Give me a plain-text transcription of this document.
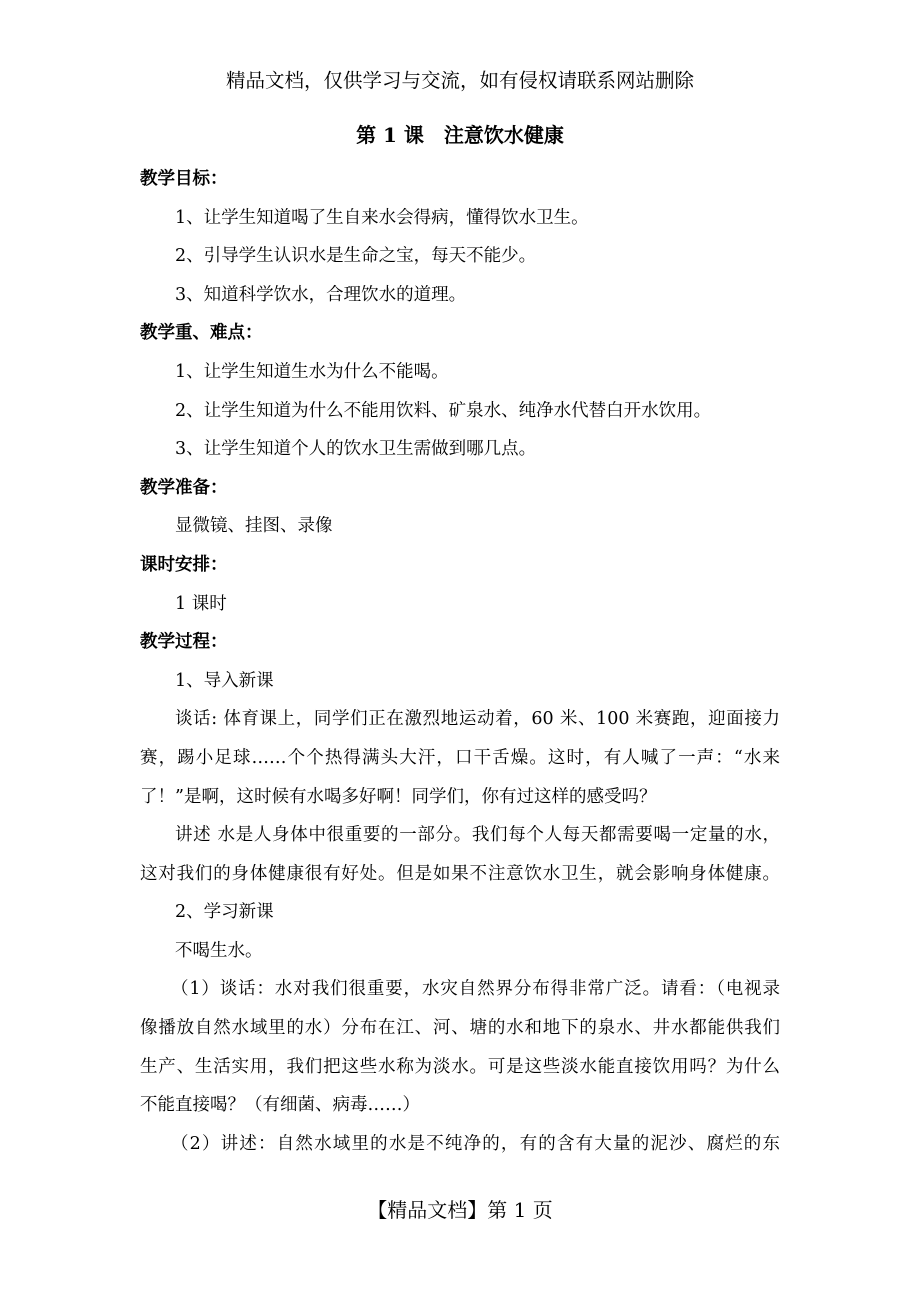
精品文档，仅供学习与交流，如有侵权请联系网站删除
第 1 课　注意饮水健康
教学目标：
1、让学生知道喝了生自来水会得病，懂得饮水卫生。
2、引导学生认识水是生命之宝，每天不能少。
3、知道科学饮水，合理饮水的道理。
教学重、难点：
1、让学生知道生水为什么不能喝。
2、让学生知道为什么不能用饮料、矿泉水、纯净水代替白开水饮用。
3、让学生知道个人的饮水卫生需做到哪几点。
教学准备：
显微镜、挂图、录像
课时安排：
1 课时
教学过程：
1、导入新课
谈话: 体育课上，同学们正在激烈地运动着，60 米、100 米赛跑，迎面接力
赛，踢小足球……个个热得满头大汗，口干舌燥。这时，有人喊了一声：“水来
了！”是啊，这时候有水喝多好啊！同学们，你有过这样的感受吗？
讲述 水是人身体中很重要的一部分。我们每个人每天都需要喝一定量的水，
这对我们的身体健康很有好处。但是如果不注意饮水卫生，就会影响身体健康。
2、学习新课
不喝生水。
（1）谈话：水对我们很重要，水灾自然界分布得非常广泛。请看：（电视录
像播放自然水域里的水）分布在江、河、塘的水和地下的泉水、井水都能供我们
生产、生活实用，我们把这些水称为淡水。可是这些淡水能直接饮用吗？为什么
不能直接喝？（有细菌、病毒……）
（2）讲述：自然水域里的水是不纯净的，有的含有大量的泥沙、腐烂的东
【精品文档】第 1 页
